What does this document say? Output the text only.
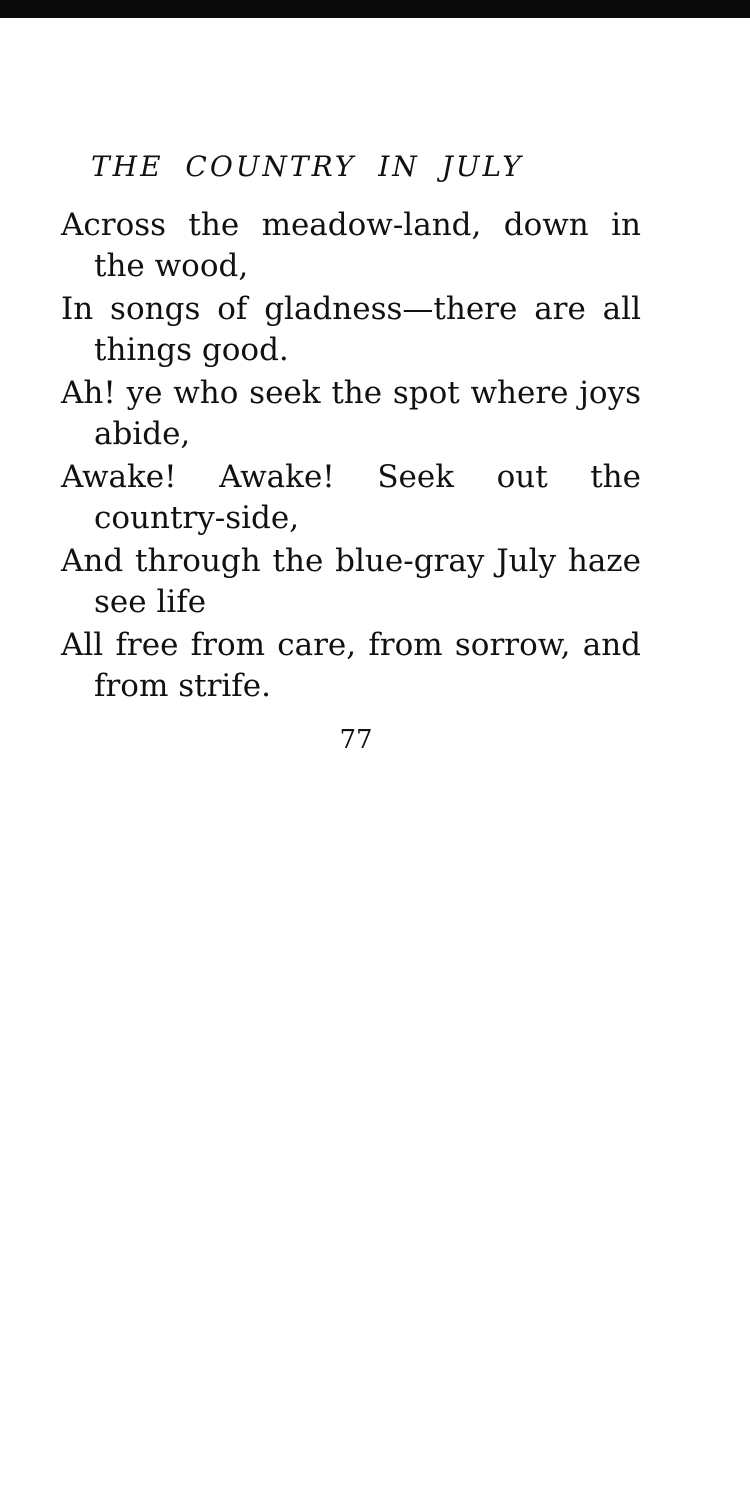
THE COUNTRY IN JULY
Across the meadow-land, down in the wood,
In songs of gladness—there are all things good.
Ah! ye who seek the spot where joys abide,
Awake! Awake! Seek out the country-side,
And through the blue-gray July haze see life
All free from care, from sorrow, and from strife.
77
